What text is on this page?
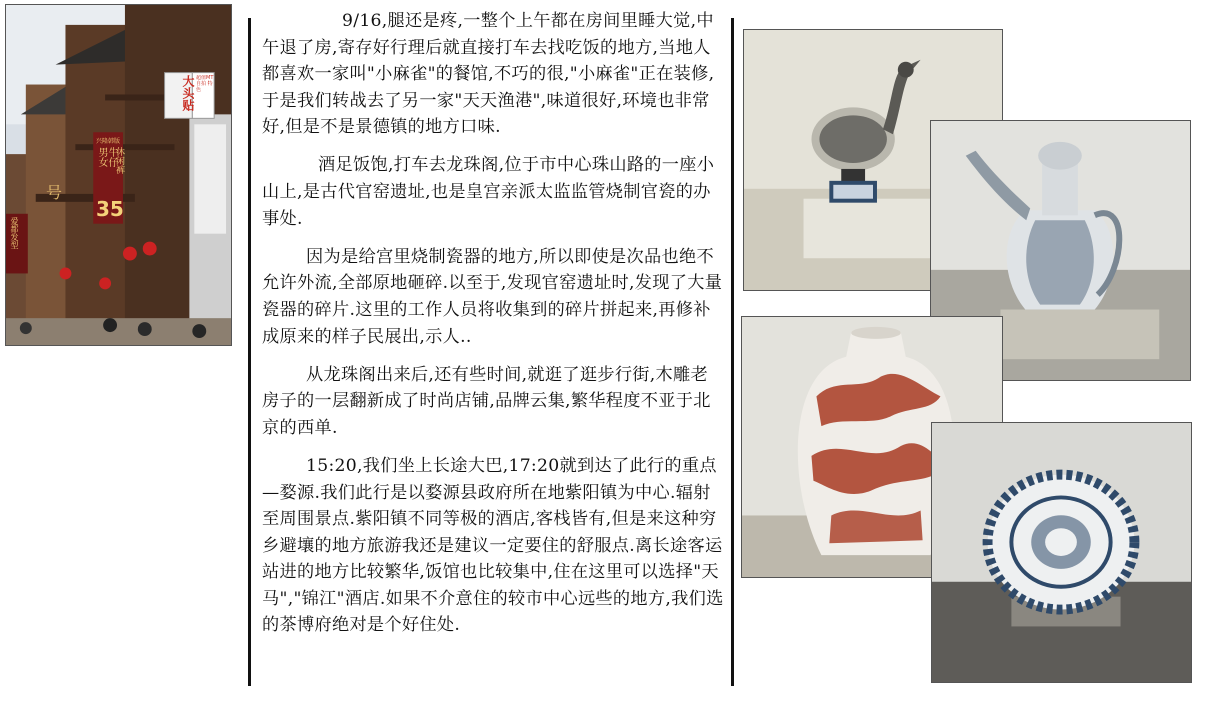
大头贴 超值MT 自拍 特色
兴隆韩版
男女 牛仔
休闲裤
35
爱都发型
号

9/16,腿还是疼,一整个上午都在房间里睡大觉,中午退了房,寄存好行理后就直接打车去找吃饭的地方,当地人都喜欢一家叫"小麻雀"的餐馆,不巧的很,"小麻雀"正在装修,于是我们转战去了另一家"天天渔港",味道很好,环境也非常好,但是不是景德镇的地方口味.

酒足饭饱,打车去龙珠阁,位于市中心珠山路的一座小山上,是古代官窑遗址,也是皇宫亲派太监监管烧制官瓷的办事处.

因为是给宫里烧制瓷器的地方,所以即使是次品也绝不允许外流,全部原地砸碎.以至于,发现官窑遗址时,发现了大量瓷器的碎片.这里的工作人员将收集到的碎片拼起来,再修补成原来的样子民展出,示人..

从龙珠阁出来后,还有些时间,就逛了逛步行街,木雕老房子的一层翻新成了时尚店铺,品牌云集,繁华程度不亚于北京的西单.

15:20,我们坐上长途大巴,17:20就到达了此行的重点—婺源.我们此行是以婺源县政府所在地紫阳镇为中心.辐射至周围景点.紫阳镇不同等极的酒店,客栈皆有,但是来这种穷乡避壤的地方旅游我还是建议一定要住的舒服点.离长途客运站进的地方比较繁华,饭馆也比较集中,住在这里可以选择"天马","锦江"酒店.如果不介意住的较市中心远些的地方,我们选的茶博府绝对是个好住处.
